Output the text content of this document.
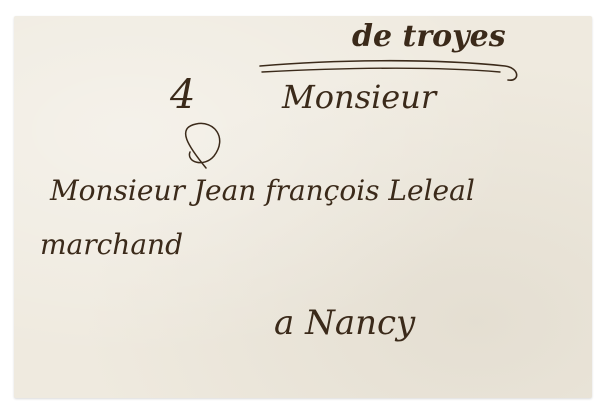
de troyes
4	Monsieur
Monsieur Jean françois Leleal
marchand
a Nancy
